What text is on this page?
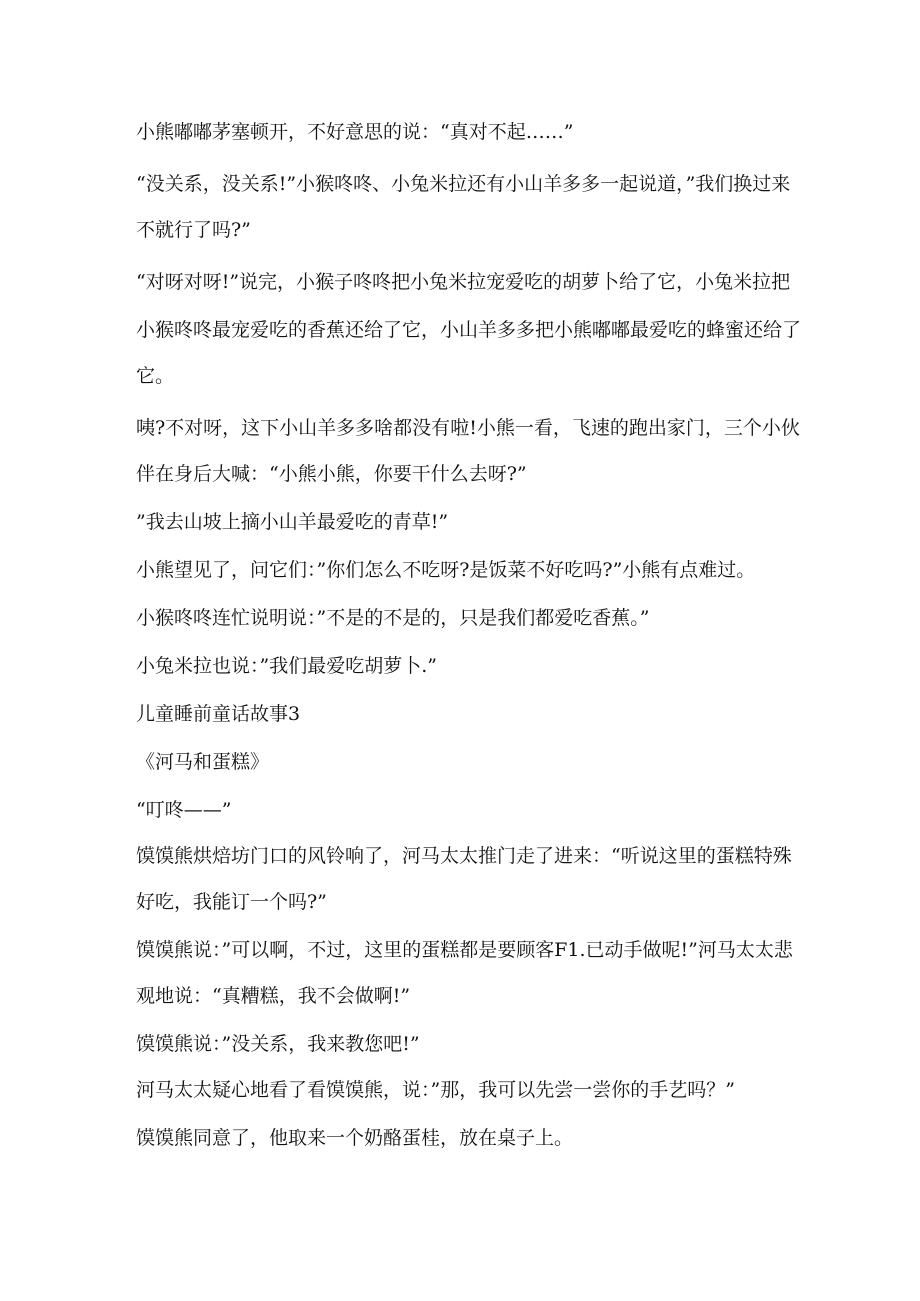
小熊嘟嘟茅塞顿开，不好意思的说：“真对不起……”
“没关系，没关系!”小猴咚咚、小兔米拉还有小山羊多多一起说道，”我们换过来
不就行了吗?”
“对呀对呀!”说完，小猴子咚咚把小兔米拉宠爱吃的胡萝卜给了它，小兔米拉把
小猴咚咚最宠爱吃的香蕉还给了它，小山羊多多把小熊嘟嘟最爱吃的蜂蜜还给了
它。
咦?不对呀，这下小山羊多多啥都没有啦!小熊一看，飞速的跑出家门，三个小伙
伴在身后大喊：“小熊小熊，你要干什么去呀?”
”我去山坡上摘小山羊最爱吃的青草!”
小熊望见了，问它们：”你们怎么不吃呀?是饭菜不好吃吗?”小熊有点难过。
小猴咚咚连忙说明说：”不是的不是的，只是我们都爱吃香蕉。”
小兔米拉也说：”我们最爱吃胡萝卜.”
儿童睡前童话故事3
《河马和蛋糕》
“叮咚——”
馍馍熊烘焙坊门口的风铃响了，河马太太推门走了进来：“听说这里的蛋糕特殊
好吃，我能订一个吗?”
馍馍熊说：”可以啊，不过，这里的蛋糕都是要顾客F1.已动手做呢!”河马太太悲
观地说：“真糟糕，我不会做啊!”
馍馍熊说：”没关系，我来教您吧!”
河马太太疑心地看了看馍馍熊，说：”那，我可以先尝一尝你的手艺吗？”
馍馍熊同意了，他取来一个奶酪蛋桂，放在桌子上。
